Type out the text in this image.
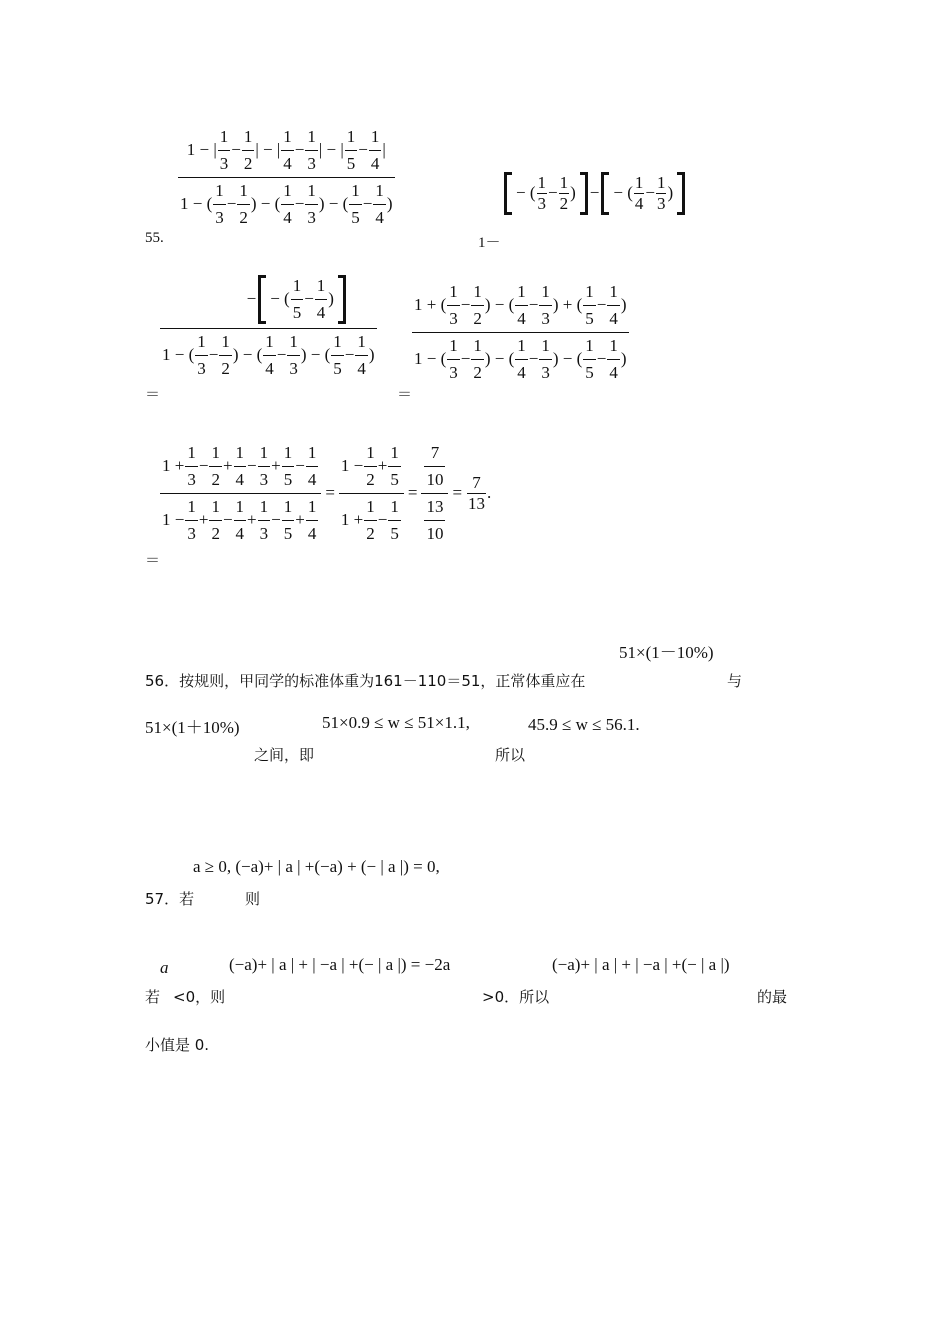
$\frac{1 - | \frac{1}{3} - \frac{1}{2} | - | \frac{1}{4} - \frac{1}{3} | - | \frac{1}{5} - \frac{1}{4} |}{1 - ( \frac{1}{3} - \frac{1}{2} ) - ( \frac{1}{4} - \frac{1}{3} ) - ( \frac{1}{5} - \frac{1}{4} )}$
55.
− ( $\frac{1}{3} - \frac{1}{2}$ ) − − ( $\frac{1}{4} - \frac{1}{3}$ )
1－
$\frac{- - ( \frac{1}{5} - \frac{1}{4} )}{1 - ( \frac{1}{3} - \frac{1}{2} ) - ( \frac{1}{4} - \frac{1}{3} ) - ( \frac{1}{5} - \frac{1}{4} )} \frac{1 + ( \frac{1}{3} - \frac{1}{2} ) - ( \frac{1}{4} - \frac{1}{3} ) + ( \frac{1}{5} - \frac{1}{4} )}{1 - ( \frac{1}{3} - \frac{1}{2} ) - ( \frac{1}{4} - \frac{1}{3} ) - ( \frac{1}{5} - \frac{1}{4} )}$
＝	＝
$1 + \frac{1}{3} - \frac{1}{2} + \frac{1}{4} - \frac{1}{3} + \frac{1}{5} - \frac{1}{4}$
$1 - \frac{1}{3} + \frac{1}{2} - \frac{1}{4} + \frac{1}{3} - \frac{1}{5} + \frac{1}{4}$
=
$1 - \frac{1}{2} + \frac{1}{5}$
$1 + \frac{1}{2} - \frac{1}{5}$
=
$\frac{7}{10}$
$\frac{13}{10}$
= $\frac{7}{13}$ .
＝
51×(1－10%)
56．按规则，甲同学的标准体重为161－110＝51，正常体重应在	与
51×(1＋10%)	51×0.9 ≤ w ≤ 51×1.1,	45.9 ≤ w ≤ 56.1.
之间，即	所以
a ≥ 0, (−a)+ | a | +(−a) + (− | a |) = 0,
57．若	则
a	(−a)+ | a | + | −a | +(− | a |) = −2a	(−a)+ | a | + | −a | +(− | a |)
若 <0，则	>0．所以	的最
小值是 0.
